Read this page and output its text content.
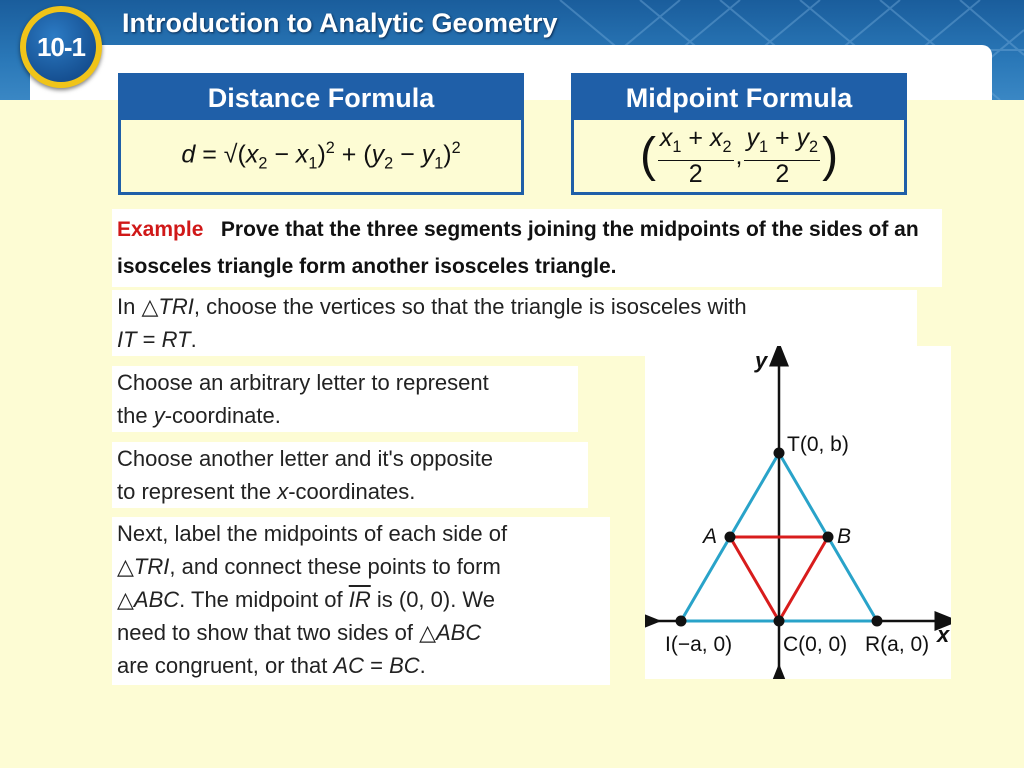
10-1
Introduction to Analytic Geometry
Distance Formula
$d = √(x_2 - x_1)^2 + (y_2 - y_1)^2$
Midpoint Formula
( $\frac{x_1 + x_2}{2}$ , $\frac{y_1 + y_2}{2}$ )
Example Prove that the three segments joining the midpoints of the sides of an isosceles triangle form another isosceles triangle.
In △TRI, choose the vertices so that the triangle is isosceles with
IT = RT.
Choose an arbitrary letter to represent
the y-coordinate.
Choose another letter and it's opposite
to represent the x-coordinates.
Next, label the midpoints of each side of
△TRI, and connect these points to form
△ABC. The midpoint of $\overline{IR}$ is (0, 0). We
need to show that two sides of △ABC
are congruent, or that AC = BC.
y
x
T(0, b)
A	B
I(−a, 0) C(0, 0) R(a, 0)
